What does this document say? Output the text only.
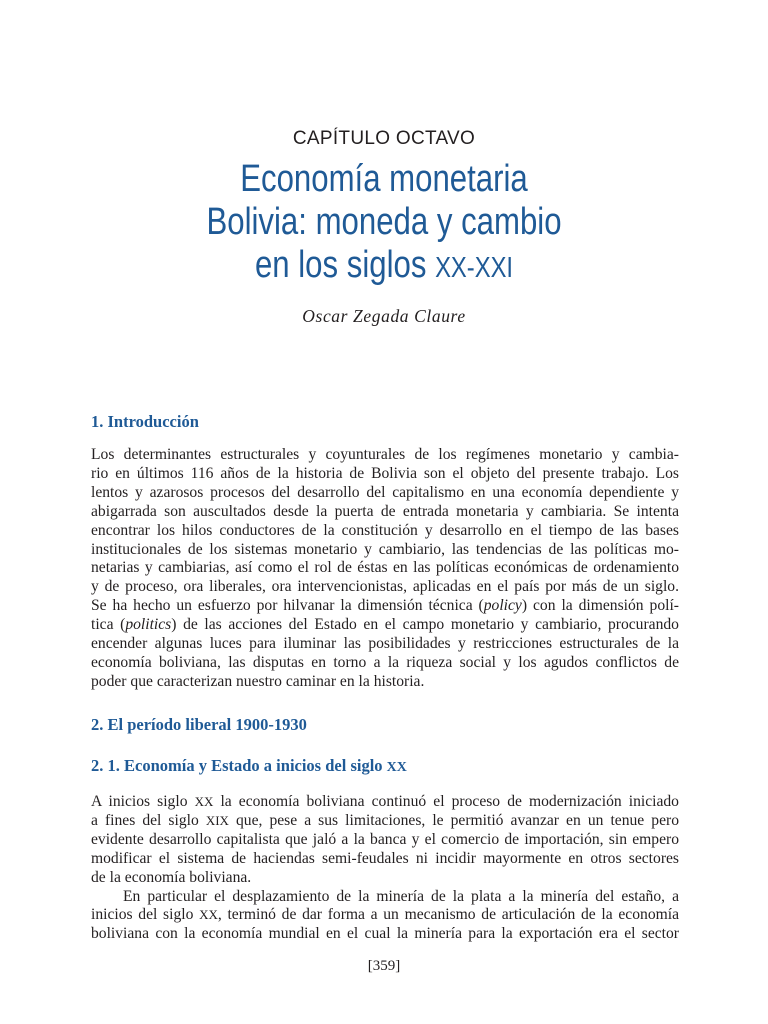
CAPÍTULO OCTAVO
Economía monetaria
Bolivia: moneda y cambio
en los siglos XX-XXI
Oscar Zegada Claure
1. Introducción
Los determinantes estructurales y coyunturales de los regímenes monetario y cambia-
rio en últimos 116 años de la historia de Bolivia son el objeto del presente trabajo. Los
lentos y azarosos procesos del desarrollo del capitalismo en una economía dependiente y
abigarrada son auscultados desde la puerta de entrada monetaria y cambiaria. Se intenta
encontrar los hilos conductores de la constitución y desarrollo en el tiempo de las bases
institucionales de los sistemas monetario y cambiario, las tendencias de las políticas mo-
netarias y cambiarias, así como el rol de éstas en las políticas económicas de ordenamiento
y de proceso, ora liberales, ora intervencionistas, aplicadas en el país por más de un siglo.
Se ha hecho un esfuerzo por hilvanar la dimensión técnica (policy) con la dimensión polí-
tica (politics) de las acciones del Estado en el campo monetario y cambiario, procurando
encender algunas luces para iluminar las posibilidades y restricciones estructurales de la
economía boliviana, las disputas en torno a la riqueza social y los agudos conflictos de
poder que caracterizan nuestro caminar en la historia.
2. El período liberal 1900-1930
2. 1. Economía y Estado a inicios del siglo XX
A inicios siglo XX la economía boliviana continuó el proceso de modernización iniciado
a fines del siglo XIX que, pese a sus limitaciones, le permitió avanzar en un tenue pero
evidente desarrollo capitalista que jaló a la banca y el comercio de importación, sin empero
modificar el sistema de haciendas semi-feudales ni incidir mayormente en otros sectores
de la economía boliviana.
En particular el desplazamiento de la minería de la plata a la minería del estaño, a
inicios del siglo XX, terminó de dar forma a un mecanismo de articulación de la economía
boliviana con la economía mundial en el cual la minería para la exportación era el sector
[359]
